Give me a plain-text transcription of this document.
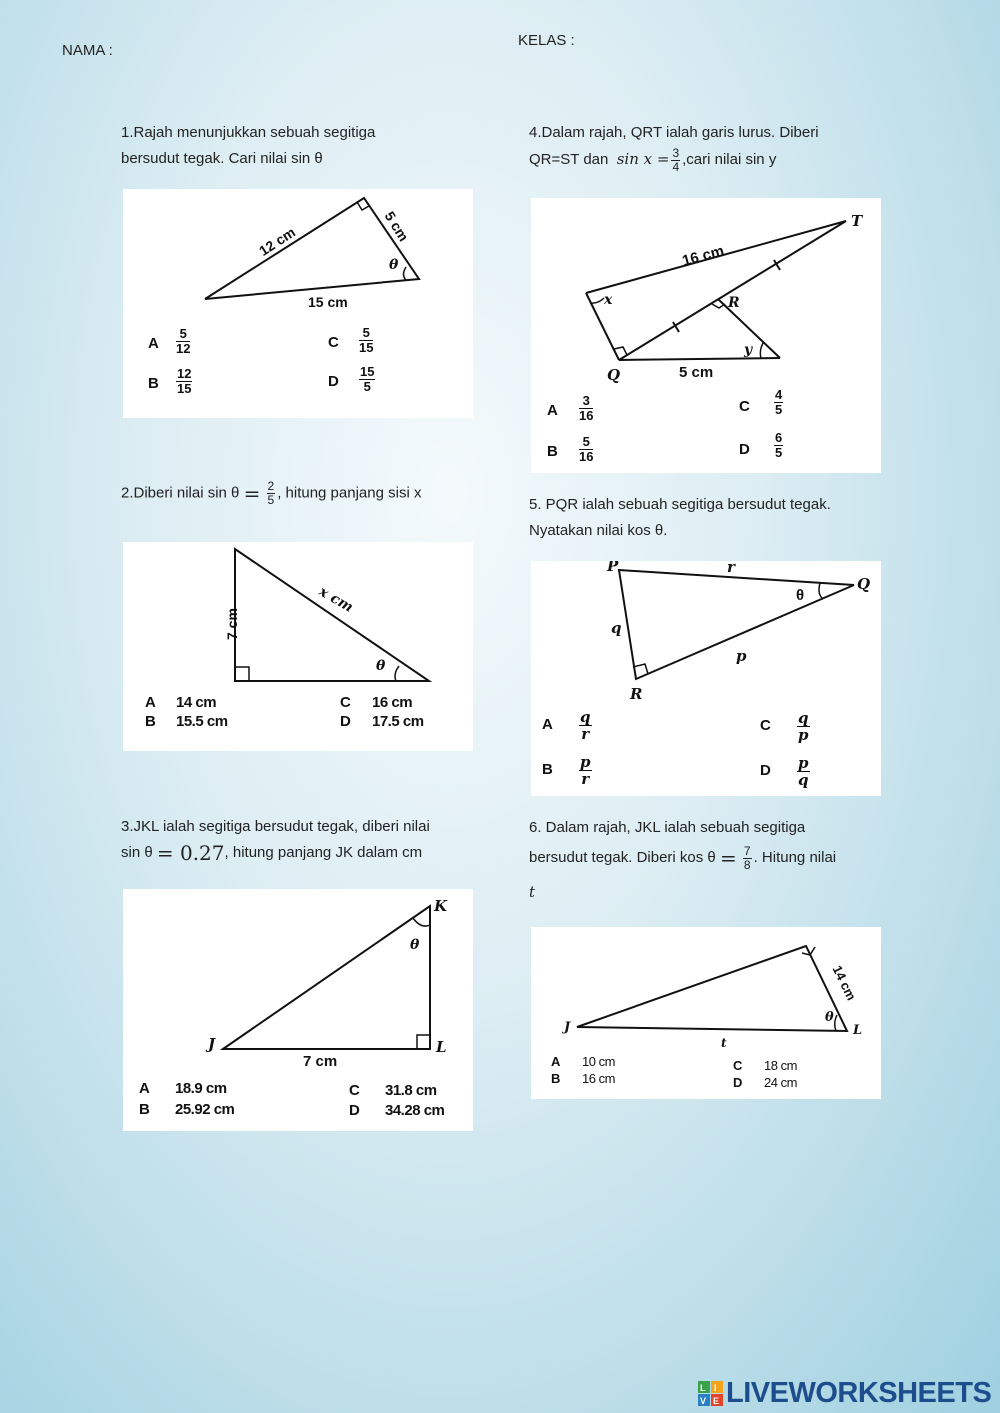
NAMA :
KELAS :
1.Rajah menunjukkan sebuah segitiga
bersudut tegak. Cari nilai sin θ
12 cm	5 cm
15 cm
θ
A
5
12
B
12
15
C
5
15
D
15
5
2.Diberi nilai $\sin \theta = \frac{2}{5}$ , hitung panjang sisi x
7 cm
x cm
θ
A 14 cm
B 15.5 cm
C 16 cm
D 17.5 cm
3.JKL ialah segitiga bersudut tegak, diberi nilai
sin θ = 0.27, hitung panjang JK dalam cm
J
K
L
7 cm
θ
A 18.9 cm
B 25.92 cm
C 31.8 cm
D 34.28 cm
4.Dalam rajah, QRT ialah garis lurus. Diberi
QR=ST dan $\sin x = \frac{3}{4}$ ,cari nilai sin y
T
R
Q
x
y
16 cm
5 cm
A
3
16
B
5
16
C
4
5
D
6
5
5. PQR ialah sebuah segitiga bersudut tegak.
Nyatakan nilai kos θ.
P
Q
R
r
q
p
θ
A q
r
B p
r
C q
p
D p
q
6. Dalam rajah, JKL ialah sebuah segitiga
bersudut tegak. Diberi kos $\theta = \frac{7}{8}$ . Hitung nilai
t
J	L
14 cm
t
θ
A 10 cm
B 16 cm
C 18 cm
D 24 cm
L I
V E LIVEWORKSHEETS
